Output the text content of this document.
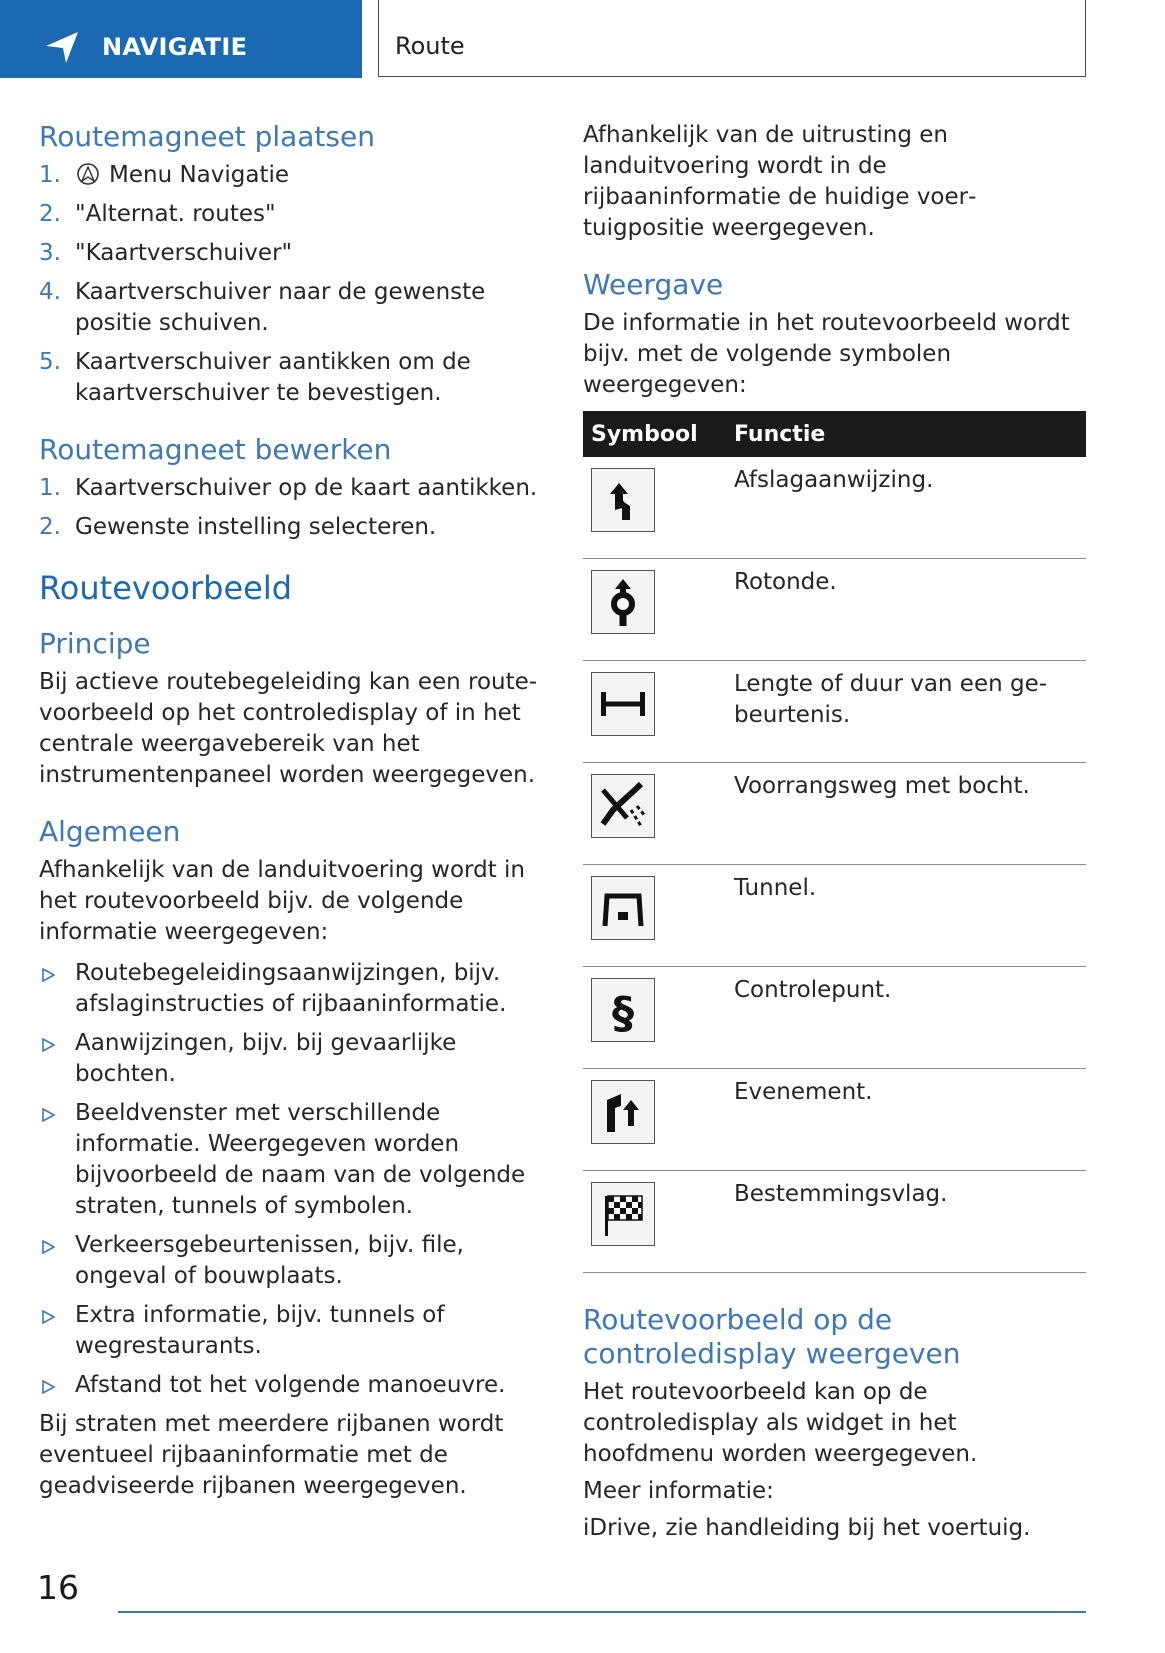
NAVIGATIE	Route
Routemagneet plaatsen
1. Menu Navigatie
2. "Alternat. routes"
3. "Kaartverschuiver"
4. Kaartverschuiver naar de gewenste positie schuiven.
5. Kaartverschuiver aantikken om de kaartverschuiver te bevestigen.
Routemagneet bewerken
1. Kaartverschuiver op de kaart aantikken.
2. Gewenste instelling selecteren.
Routevoorbeeld
Principe

Bij actieve routebegeleiding kan een routevoorbeeld op het controledisplay of in het centrale weergavebereik van het instrumentenpaneel worden weergegeven.

Algemeen

Afhankelijk van de landuitvoering wordt in het routevoorbeeld bijv. de volgende informatie weergegeven:

Routebegeleidingsaanwijzingen, bijv. afslaginstructies of rijbaaninformatie.
Aanwijzingen, bijv. bij gevaarlijke bochten.
Beeldvenster met verschillende informatie. Weergegeven worden bijvoorbeeld de naam van de volgende straten, tunnels of symbolen.
Verkeersgebeurtenissen, bijv. file, ongeval of bouwplaats.
Extra informatie, bijv. tunnels of wegrestaurants.
Afstand tot het volgende manoeuvre.

Bij straten met meerdere rijbanen wordt eventueel rijbaaninformatie met de geadviseerde rijbanen weergegeven.

Afhankelijk van de uitrusting en landuitvoering wordt in de rijbaaninformatie de huidige voertuigpositie weergegeven.

Weergave

De informatie in het routevoorbeeld wordt bijv. met de volgende symbolen weergegeven:

Symbool	Functie

	Afslagaanwijzing.

	Rotonde.

	Lengte of duur van een gebeurtenis.

	Voorrangsweg met bocht.

	Tunnel.

§	Controlepunt.

	Evenement.

	Bestemmingsvlag.
Routevoorbeeld op de controledisplay weergeven

Het routevoorbeeld kan op de controledisplay als widget in het hoofdmenu worden weergegeven.

Meer informatie:

iDrive, zie handleiding bij het voertuig.

16
